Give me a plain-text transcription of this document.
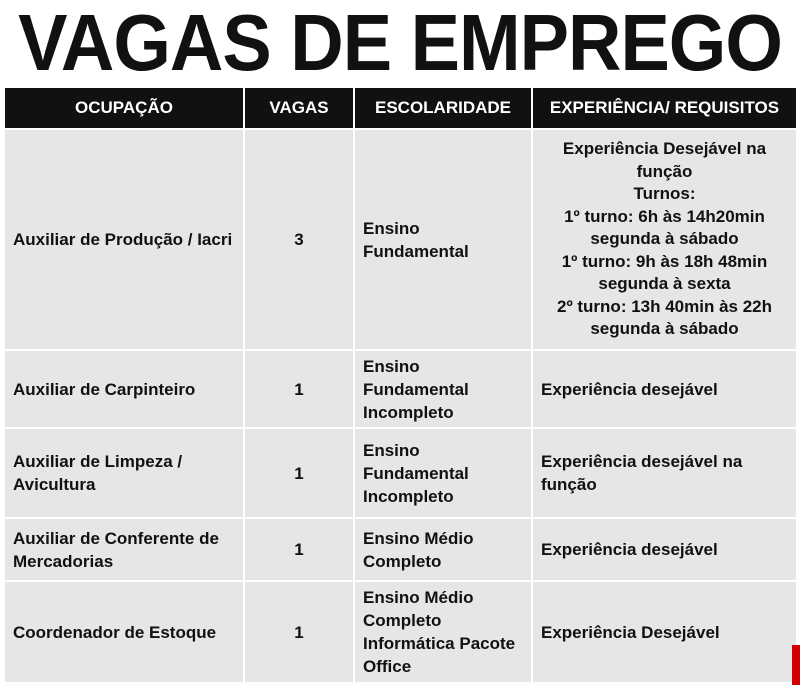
VAGAS DE EMPREGO
OCUPAÇÃO	VAGAS	ESCOLARIDADE	EXPERIÊNCIA/ REQUISITOS
Auxiliar de Produção / Iacri	3	Ensino Fundamental	Experiência Desejável na função
Turnos:
1º turno: 6h às 14h20min segunda à sábado
1º turno: 9h às 18h 48min segunda à sexta
2º turno: 13h 40min às 22h segunda à sábado

Auxiliar de Carpinteiro	1	Ensino Fundamental Incompleto	Experiência desejável
Auxiliar de Limpeza / Avicultura	1	Ensino Fundamental Incompleto	Experiência desejável na função
Auxiliar de Conferente de Mercadorias	1	Ensino Médio Completo	Experiência desejável
Coordenador de Estoque	1	Ensino Médio Completo Informática Pacote Office	Experiência Desejável
